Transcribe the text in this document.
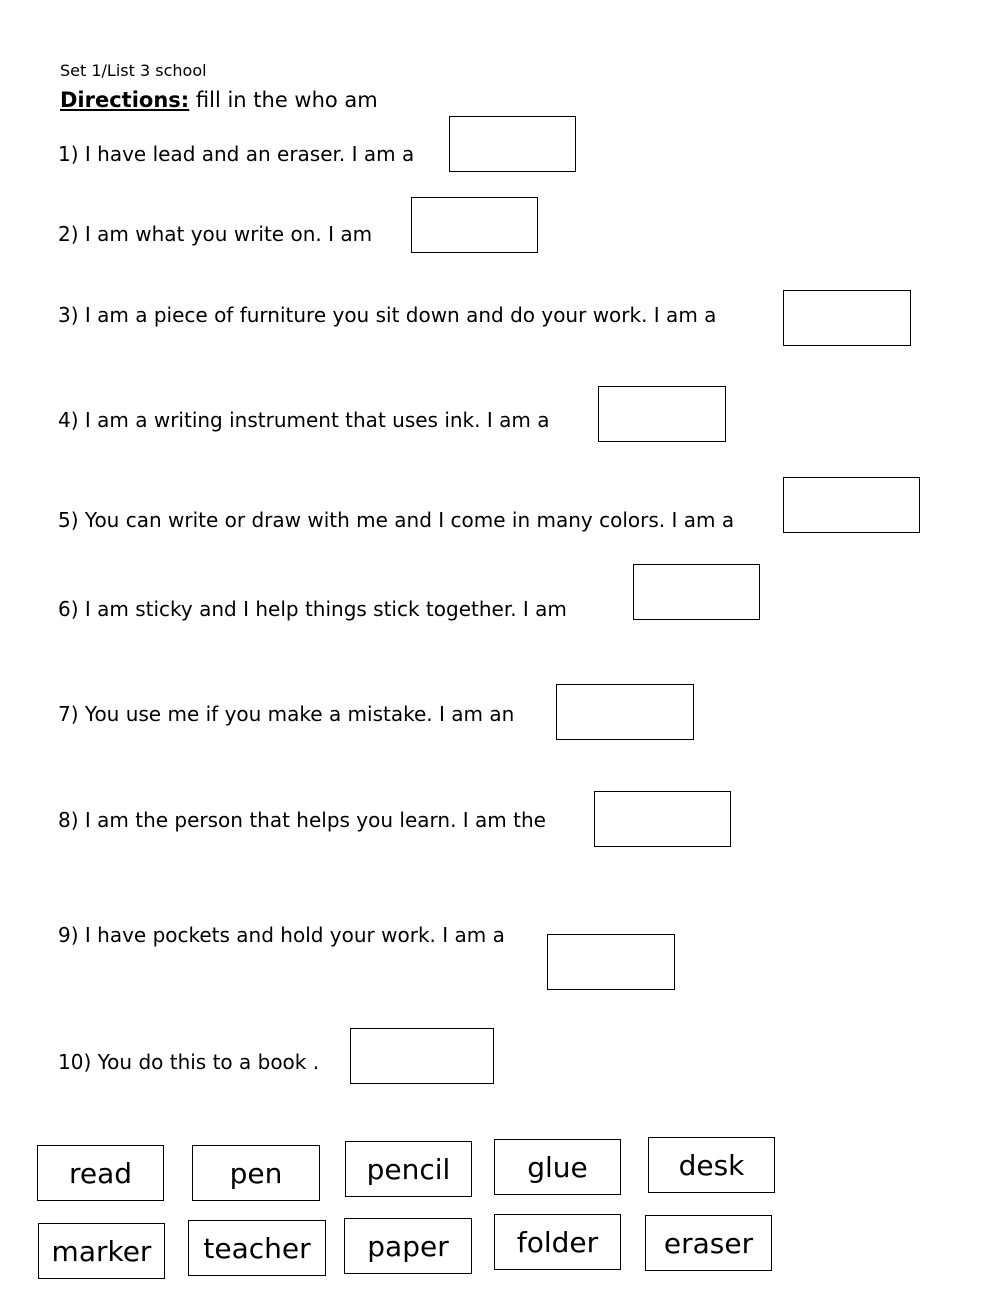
Set 1/List 3 school
Directions: fill in the who am
1) I have lead and an eraser. I am a
2) I am what you write on. I am
3) I am a piece of furniture you sit down and do your work. I am a
4) I am a writing instrument that uses ink. I am a
5) You can write or draw with me and I come in many colors. I am a
6) I am sticky and I help things stick together. I am
7) You use me if you make a mistake. I am an
8) I am the person that helps you learn. I am the
9) I have pockets and hold your work. I am a
10) You do this to a book .
read	pen	pencil	glue	desk
marker	teacher	paper	folder	eraser
